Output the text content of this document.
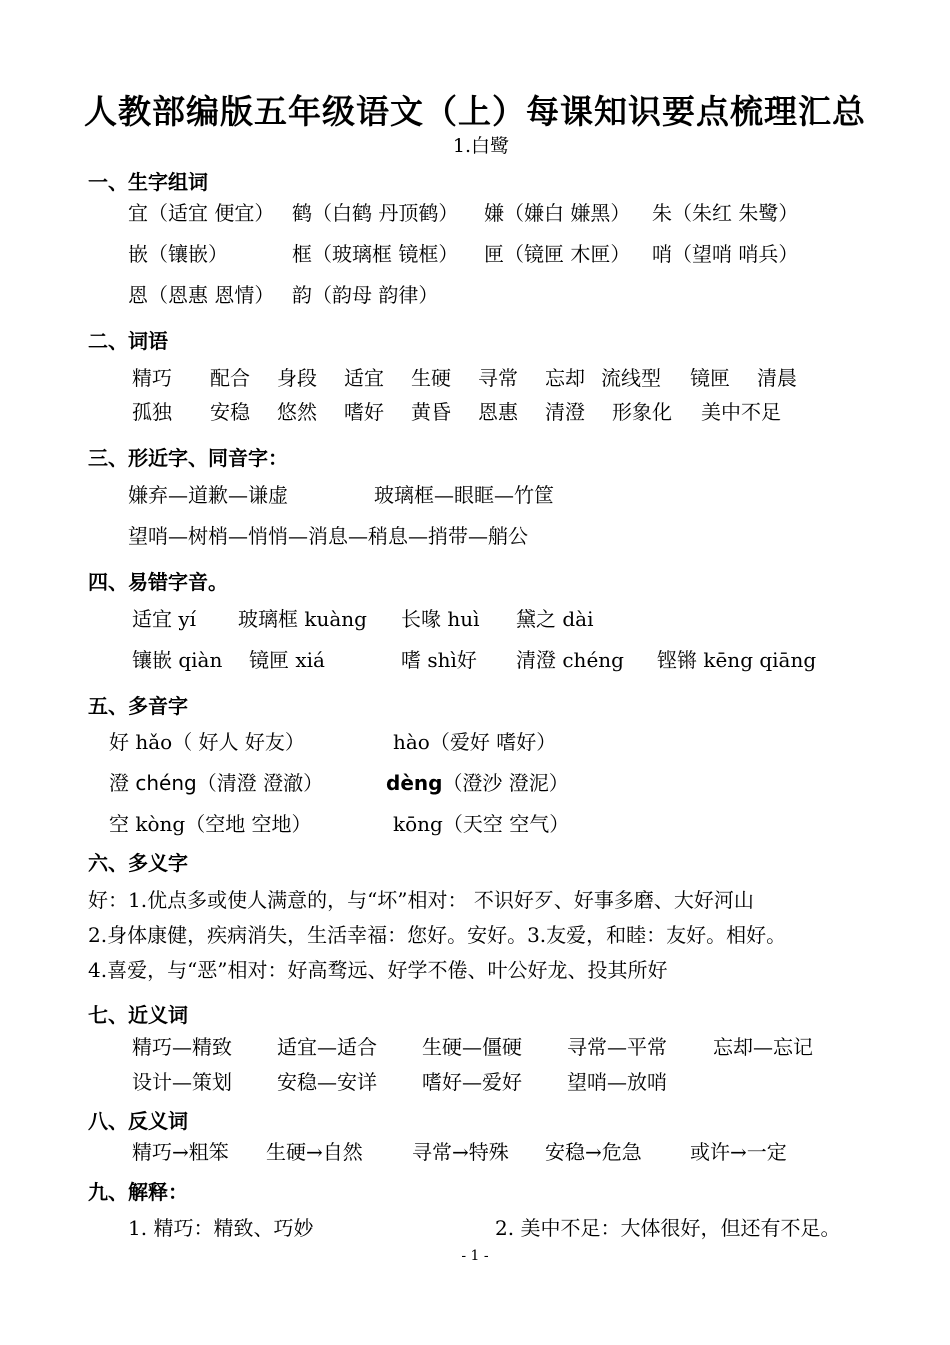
人教部编版五年级语文（上）每课知识要点梳理汇总
1.白鹭
一、生字组词
宜（适宜 便宜） 鹤（白鹤 丹顶鹤） 嫌（嫌白 嫌黑） 朱（朱红 朱鹭）
嵌（镶嵌）	框（玻璃框 镜框） 匣（镜匣 木匣） 哨（望哨 哨兵）
恩（恩惠 恩情） 韵（韵母 韵律）
二、词语
精巧 配合 身段 适宜 生硬 寻常 忘却 流线型 镜匣 清晨
孤独 安稳 悠然 嗜好 黄昏 恩惠 清澄 形象化 美中不足
三、形近字、同音字：
嫌弃—道歉—谦虚	玻璃框—眼眶—竹筐
望哨—树梢—悄悄—消息—稍息—捎带—艄公
四、易错字音。
适宜 yí 玻璃框 kuàng 长喙 huì 黛之 dài
镶嵌 qiàn 镜匣 xiá	嗜 shì好 清澄 chéng 铿锵 kēng qiāng
五、多音字
好 hǎo（ 好人 好友）	hào（爱好 嗜好）
澄 chéng（清澄 澄澈）	dèng（澄沙 澄泥）
空 kòng（空地 空地）	kōng（天空 空气）
六、多义字
好：1.优点多或使人满意的，与“坏”相对： 不识好歹、好事多磨、大好河山
2.身体康健，疾病消失，生活幸福：您好。安好。3.友爱，和睦：友好。相好。
4.喜爱，与“恶”相对：好高骛远、好学不倦、叶公好龙、投其所好
七、近义词
精巧—精致 适宜—适合 生硬—僵硬 寻常—平常 忘却—忘记
设计—策划 安稳—安详 嗜好—爱好 望哨—放哨
八、反义词
精巧→粗笨 生硬→自然 寻常→特殊 安稳→危急 或许→一定
九、解释：
1. 精巧：精致、巧妙	2. 美中不足：大体很好，但还有不足。
- 1 -
